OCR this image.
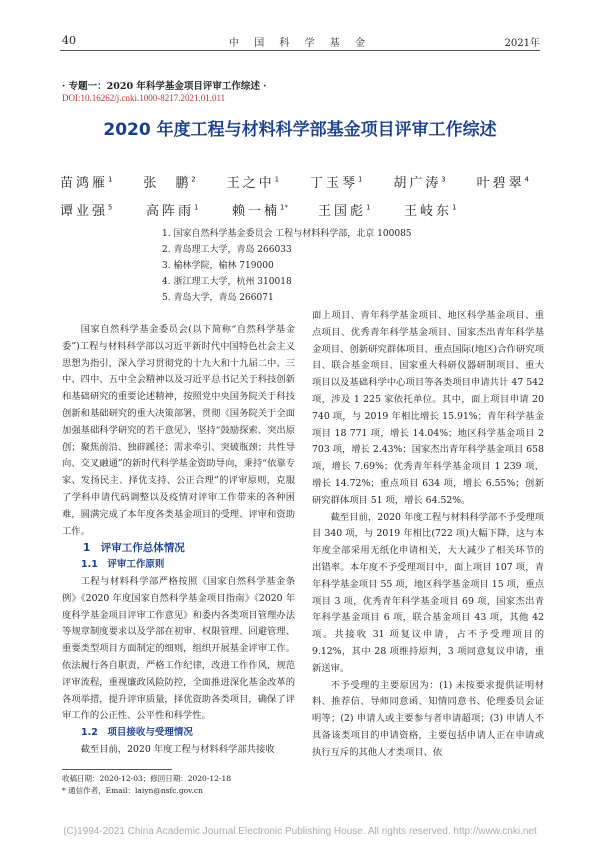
40	中 国 科 学 基 金	2021年
· 专题一：2020 年科学基金项目评审工作综述 ·
DOI:10.16262/j.cnki.1000-8217.2021.01.011
2020 年度工程与材料科学部基金项目评审工作综述
苗鸿雁$^1$	张　鹏$^2$	王之中$^1$	丁玉琴$^1$	胡广涛$^3$	叶碧翠$^4$
谭业强$^5$	高阵雨$^1$	赖一楠$^{1*}$	王国彪$^1$	王岐东$^1$
1. 国家自然科学基金委员会 工程与材料科学部，北京 100085
2. 青岛理工大学，青岛 266033
3. 榆林学院，榆林 719000
4. 浙江理工大学，杭州 310018
5. 青岛大学，青岛 266071

国家自然科学基金委员会(以下简称“自然科学基金委”)工程与材料科学部以习近平新时代中国特色社会主义思想为指引，深入学习贯彻党的十九大和十九届二中、三中、四中、五中全会精神以及习近平总书记关于科技创新和基础研究的重要论述精神，按照党中央国务院关于科技创新和基础研究的重大决策部署，贯彻《国务院关于全面加强基础科学研究的若干意见》，坚持“鼓励探索、突出原创；聚焦前沿、独辟蹊径；需求牵引、突破瓶颈；共性导向、交叉融通”的新时代科学基金资助导向，秉持“依靠专家、发扬民主、择优支持、公正合理”的评审原则，克服了学科申请代码调整以及疫情对评审工作带来的各种困难，圆满完成了本年度各类基金项目的受理、评审和资助工作。

1　评审工作总体情况

1.1　评审工作原则

工程与材料科学部严格按照《国家自然科学基金条例》《2020 年度国家自然科学基金项目指南》《2020 年度科学基金项目评审工作意见》和委内各类项目管理办法等规章制度要求以及学部在初审、权限管理、回避管理、重要类型项目方面制定的细则，组织开展基金评审工作。依法履行各自职责，严格工作纪律，改进工作作风，规范评审流程，重视廉政风险防控，全面推进深化基金改革的各项举措，提升评审质量，择优资助各类项目，确保了评审工作的公正性、公平性和科学性。

1.2　项目接收与受理情况

截至目前，2020 年度工程与材料科学部共接收

面上项目、青年科学基金项目、地区科学基金项目、重点项目、优秀青年科学基金项目、国家杰出青年科学基金项目、创新研究群体项目、重点国际(地区)合作研究项目、联合基金项目、国家重大科研仪器研制项目、重大项目以及基础科学中心项目等各类项目申请共计 47 542 项，涉及 1 225 家依托单位。其中，面上项目申请 20 740 项，与 2019 年相比增长 15.91%；青年科学基金项目 18 771 项，增长 14.04%；地区科学基金项目 2 703 项，增长 2.43%；国家杰出青年科学基金项目 658 项，增长 7.69%；优秀青年科学基金项目 1 239 项，增长 14.72%；重点项目 634 项，增长 6.55%；创新研究群体项目 51 项，增长 64.52%。

截至目前，2020 年度工程与材料科学部不予受理项目 340 项，与 2019 年相比(722 项)大幅下降，这与本年度全部采用无纸化申请相关，大大减少了相关环节的出错率。本年度不予受理项目中，面上项目 107 项，青年科学基金项目 55 项，地区科学基金项目 15 项，重点项目 3 项，优秀青年科学基金项目 69 项，国家杰出青年科学基金项目 6 项，联合基金项目 43 项，其他 42 项。共接收 31 项复议申请，占不予受理项目的 9.12%，其中 28 项维持原判，3 项同意复议申请，重新送审。

不予受理的主要原因为：(1) 未按要求提供证明材料、推荐信、导师同意函、知情同意书、伦理委员会证明等；(2) 申请人或主要参与者申请超项；(3) 申请人不具备该类项目的申请资格，主要包括申请人正在申请或执行互斥的其他人才类项目、依

收稿日期：2020-12-03；修回日期：2020-12-18
* 通信作者，Email：laiyn@nsfc.gov.cn
(C)1994-2021 China Academic Journal Electronic Publishing House. All rights reserved. http://www.cnki.net
